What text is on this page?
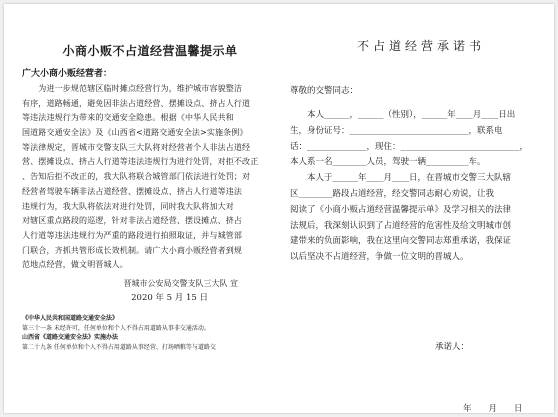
小商小贩不占道经营温馨提示单
广大小商小贩经营者：
　　为进一步规范辖区临时摊点经营行为，维护城市容貌整洁
有序，道路畅通，避免因非法占道经营、摆摊设点、挤占人行道
等违法违规行为带来的交通安全隐患。根据《中华人民共和
国道路交通安全法》及《山西省<道路交通安全法>实施条例》
等法律规定，晋城市交警支队三大队将对经营者个人非法占道经
营、摆摊设点、挤占人行道等违法违规行为进行处罚，对拒不改正
、告知后拒不改正的，我大队将联合城管部门依法进行处罚；对
经营者驾驶车辆非法占道经营、摆摊设点、挤占人行道等违法
违规行为，我大队将依法对进行处罚，同时我大队将加大对
对辖区重点路段的巡逻，针对非法占道经营、摆设摊点、挤占
人行道等违法违规行为严重的路段进行拍照取证，并与城管部
门联合，齐抓共管形成长效机制。请广大小商小贩经营者到规
范地点经营，做文明晋城人。
晋城市公安局交警支队三大队 宣
2020 年 5 月 15 日
《中华人民共和国道路交通安全法》
第三十一条 未经许可，任何单位和个人不得占用道路从事非交通活动。
山西省《道路交通安全法》实施办法
第二十九条 任何单位和个人不得占用道路从事经营、打场晒粮等与道路交
不占道经营承诺书
尊敬的交警同志：
　　本人______，______（性别），______年____月____日出
生，身份证号：____________________________，联系电
话：______________，现住：____________________________，
本人系一名________人员，驾驶一辆__________车。
　　本人于______年____月____日，在晋城市交警三大队辖
区________路段占道经营，经交警同志耐心劝说，让我
阅读了《小商小贩占道经营温馨提示单》及学习相关的法律
法规后，我深刻认识到了占道经营的危害性及给文明城市创
建带来的负面影响，我在这里向交警同志郑重承诺，我保证
以后坚决不占道经营，争做一位文明的晋城人。
承诺人：
年　　月　　日
